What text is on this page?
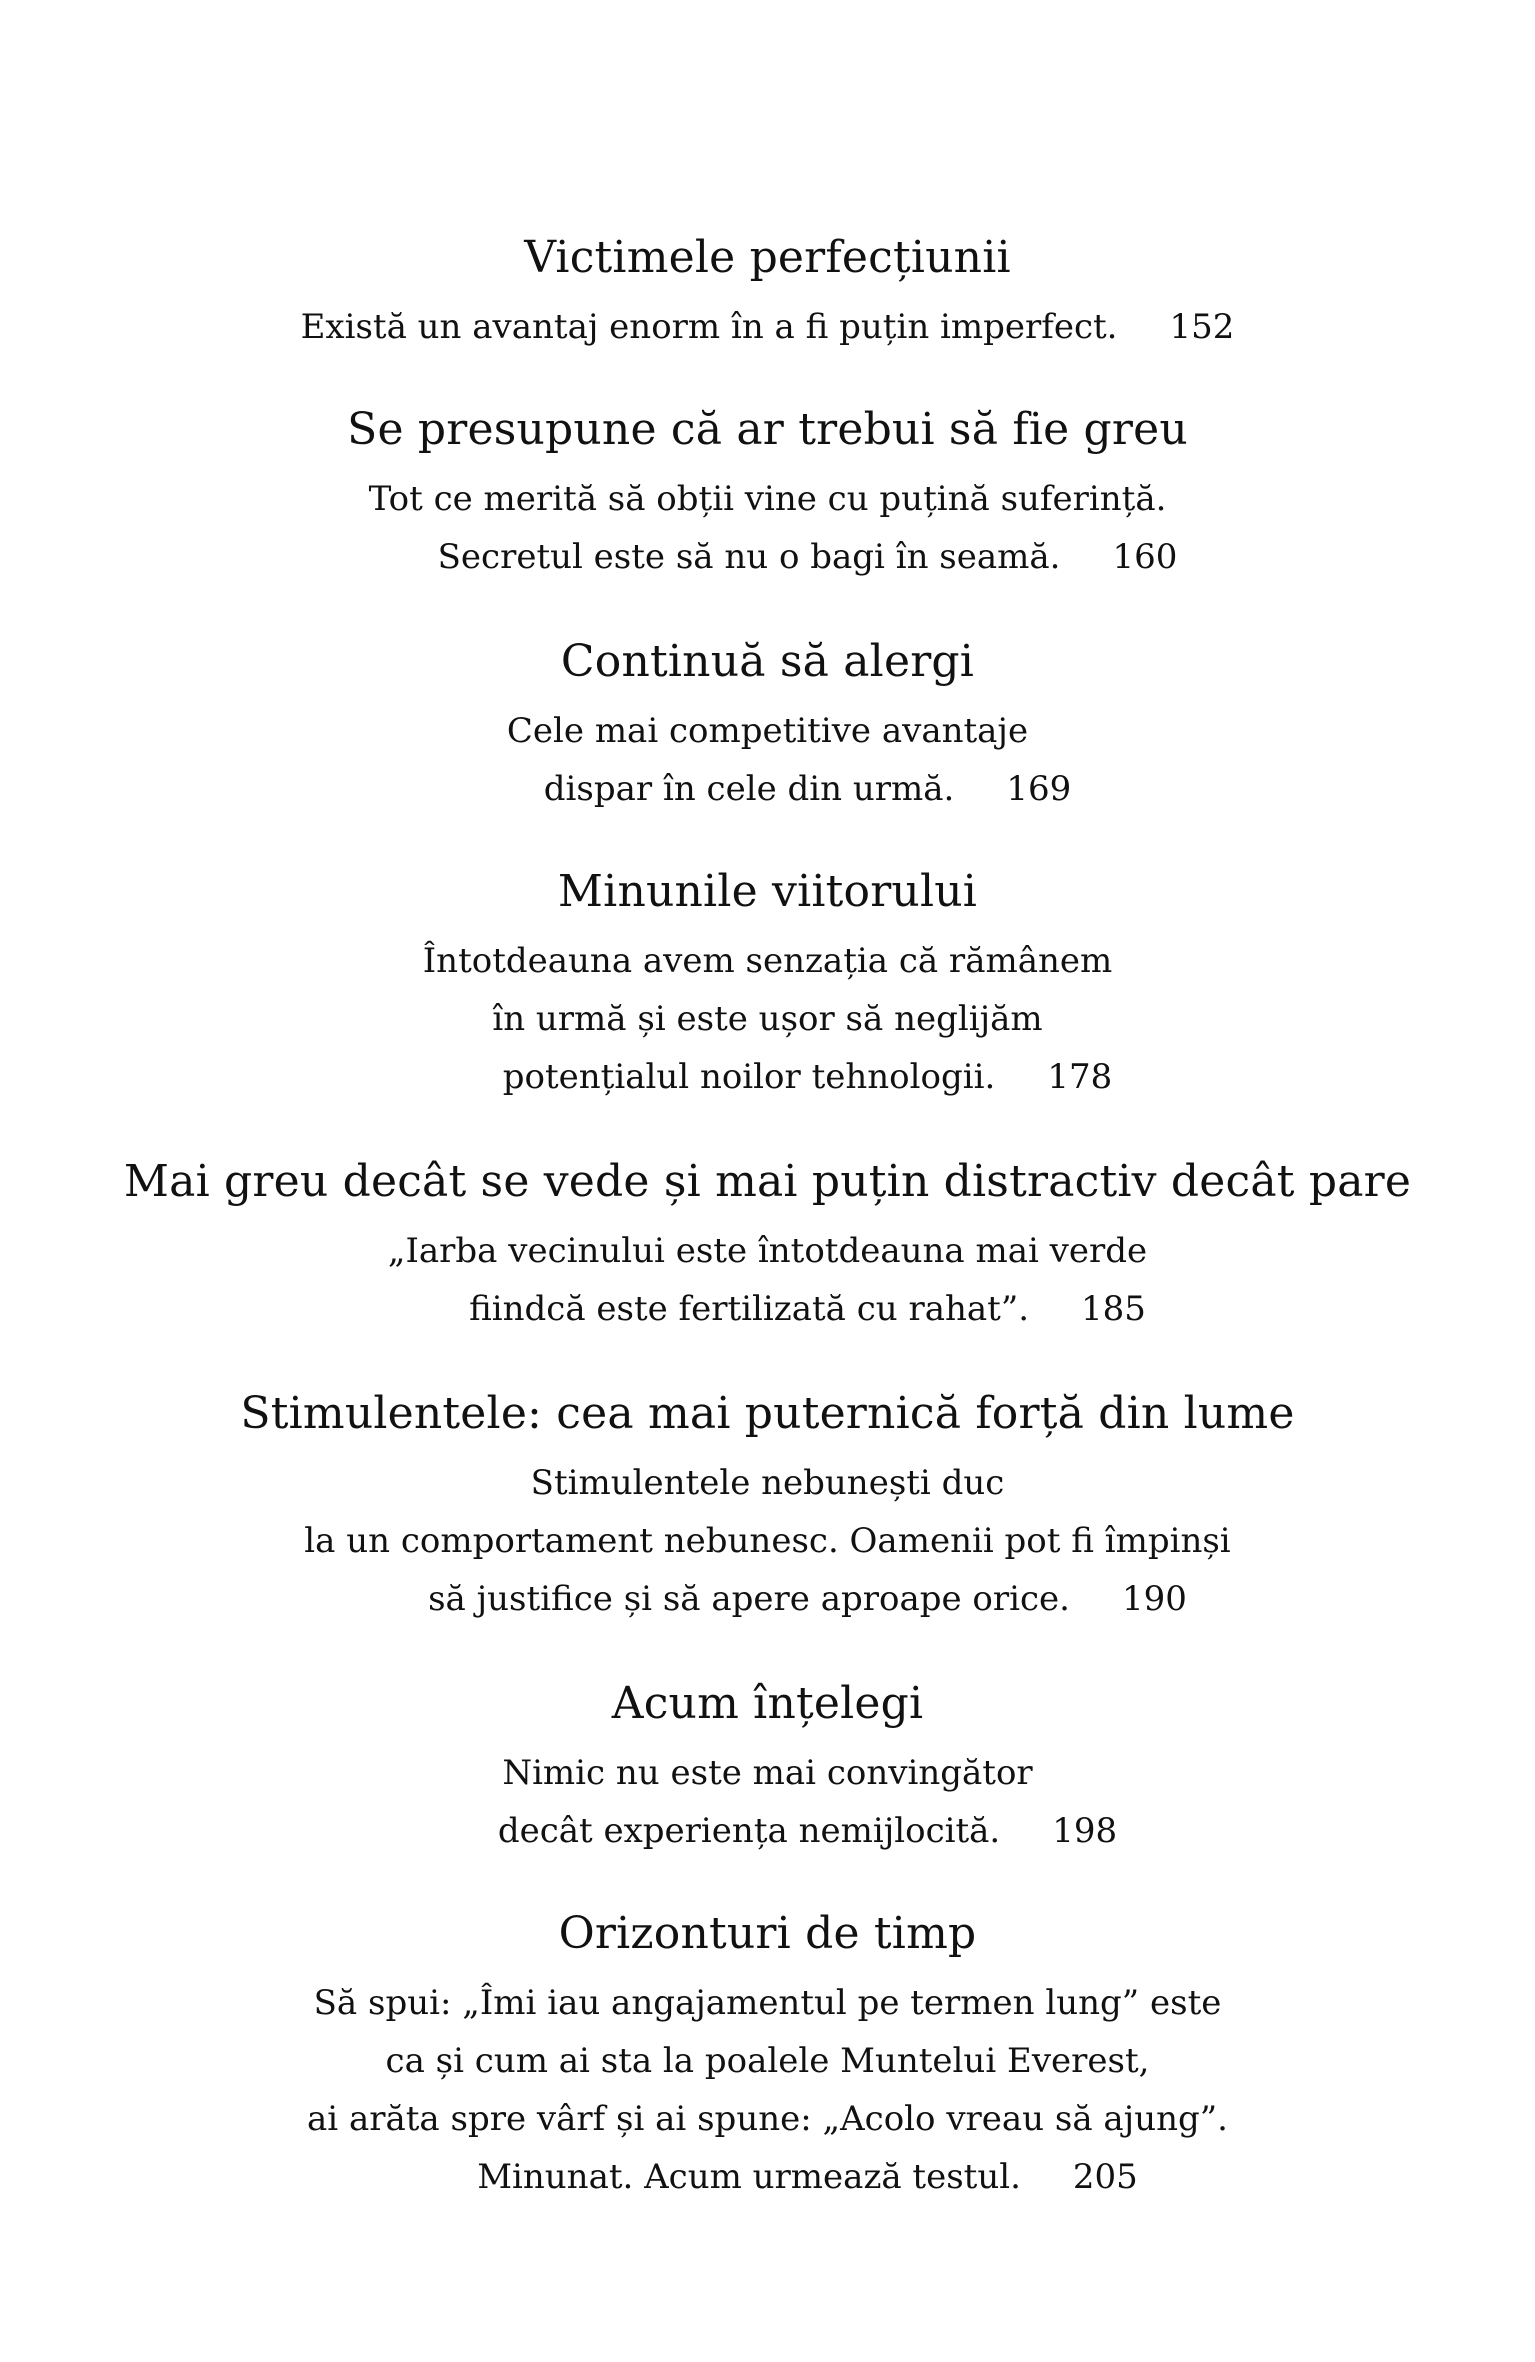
Victimele perfecțiunii
Există un avantaj enorm în a fi puțin imperfect. 152
Se presupune că ar trebui să fie greu
Tot ce merită să obții vine cu puțină suferință.
Secretul este să nu o bagi în seamă. 160
Continuă să alergi
Cele mai competitive avantaje
dispar în cele din urmă. 169
Minunile viitorului
Întotdeauna avem senzația că rămânem
în urmă și este ușor să neglijăm
potențialul noilor tehnologii. 178
Mai greu decât se vede și mai puțin distractiv decât pare
„Iarba vecinului este întotdeauna mai verde
fiindcă este fertilizată cu rahat”. 185
Stimulentele: cea mai puternică forță din lume
Stimulentele nebunești duc
la un comportament nebunesc. Oamenii pot fi împinși
să justifice și să apere aproape orice. 190
Acum înțelegi
Nimic nu este mai convingător
decât experiența nemijlocită. 198
Orizonturi de timp
Să spui: „Îmi iau angajamentul pe termen lung” este
ca și cum ai sta la poalele Muntelui Everest,
ai arăta spre vârf și ai spune: „Acolo vreau să ajung”.
Minunat. Acum urmează testul. 205
